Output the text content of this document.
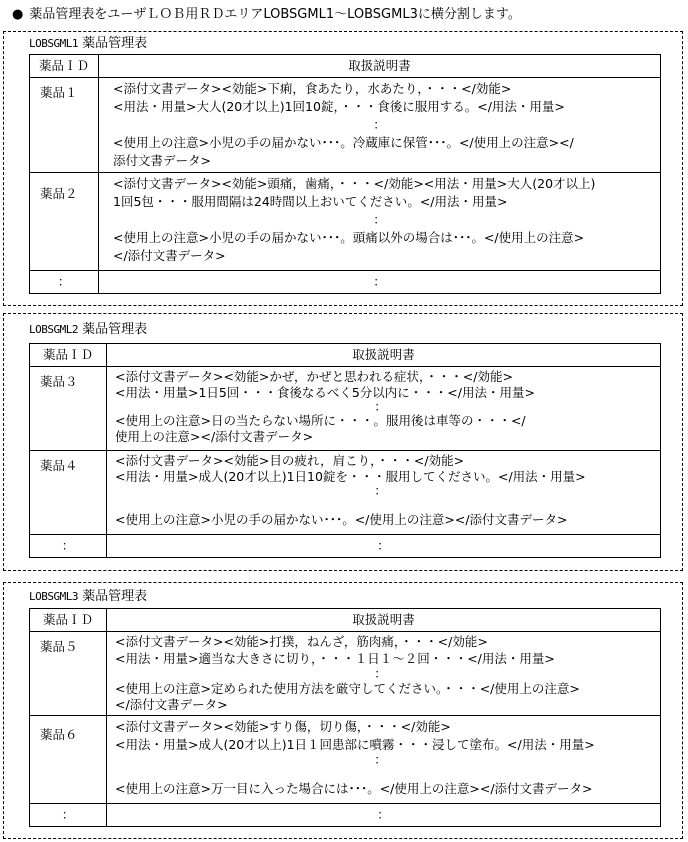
● 薬品管理表をユーザＬＯＢ用ＲＤエリアLOBSGML1～LOBSGML3に横分割します。
LOBSGML1 薬品管理表
薬品ＩＤ	取扱説明書
薬品１	<添付文書データ><効能>下痢，食あたり，水あたり，・・・</効能>
<用法・用量>大人(20才以上)1回10錠，・・・食後に服用する。</用法・用量>
：
<使用上の注意>小児の手の届かない･･･。冷蔵庫に保管･･･。</使用上の注意></
添付文書データ>

薬品２	<添付文書データ><効能>頭痛，歯痛，・・・</効能><用法・用量>大人(20才以上)
1回5包・・・服用間隔は24時間以上おいてください。</用法・用量>
：
<使用上の注意>小児の手の届かない･･･。頭痛以外の場合は･･･。</使用上の注意>
</添付文書データ>

：	：
LOBSGML2 薬品管理表
薬品ＩＤ	取扱説明書
薬品３	<添付文書データ><効能>かぜ，かぜと思われる症状，・・・</効能>
<用法・用量>1日5回・・・食後なるべく5分以内に・・・</用法・用量>
：
<使用上の注意>日の当たらない場所に・・・。服用後は車等の・・・</
使用上の注意></添付文書データ>

薬品４	<添付文書データ><効能>目の疲れ，肩こり，・・・</効能>
<用法・用量>成人(20才以上)1日10錠を・・・服用してください。</用法・用量>
：
<使用上の注意>小児の手の届かない･･･。</使用上の注意></添付文書データ>

：	：
LOBSGML3 薬品管理表
薬品ＩＤ	取扱説明書
薬品５	<添付文書データ><効能>打撲，ねんざ，筋肉痛，・・・</効能>
<用法・用量>適当な大きさに切り，・・・１日１～２回・・・</用法・用量>
：
<使用上の注意>定められた使用方法を厳守してください。・・・</使用上の注意>
</添付文書データ>

薬品６	<添付文書データ><効能>すり傷，切り傷，・・・</効能>
<用法・用量>成人(20才以上)1日１回患部に噴霧・・・浸して塗布。</用法・用量>
：
<使用上の注意>万一目に入った場合には･･･。</使用上の注意></添付文書データ>

：	：
